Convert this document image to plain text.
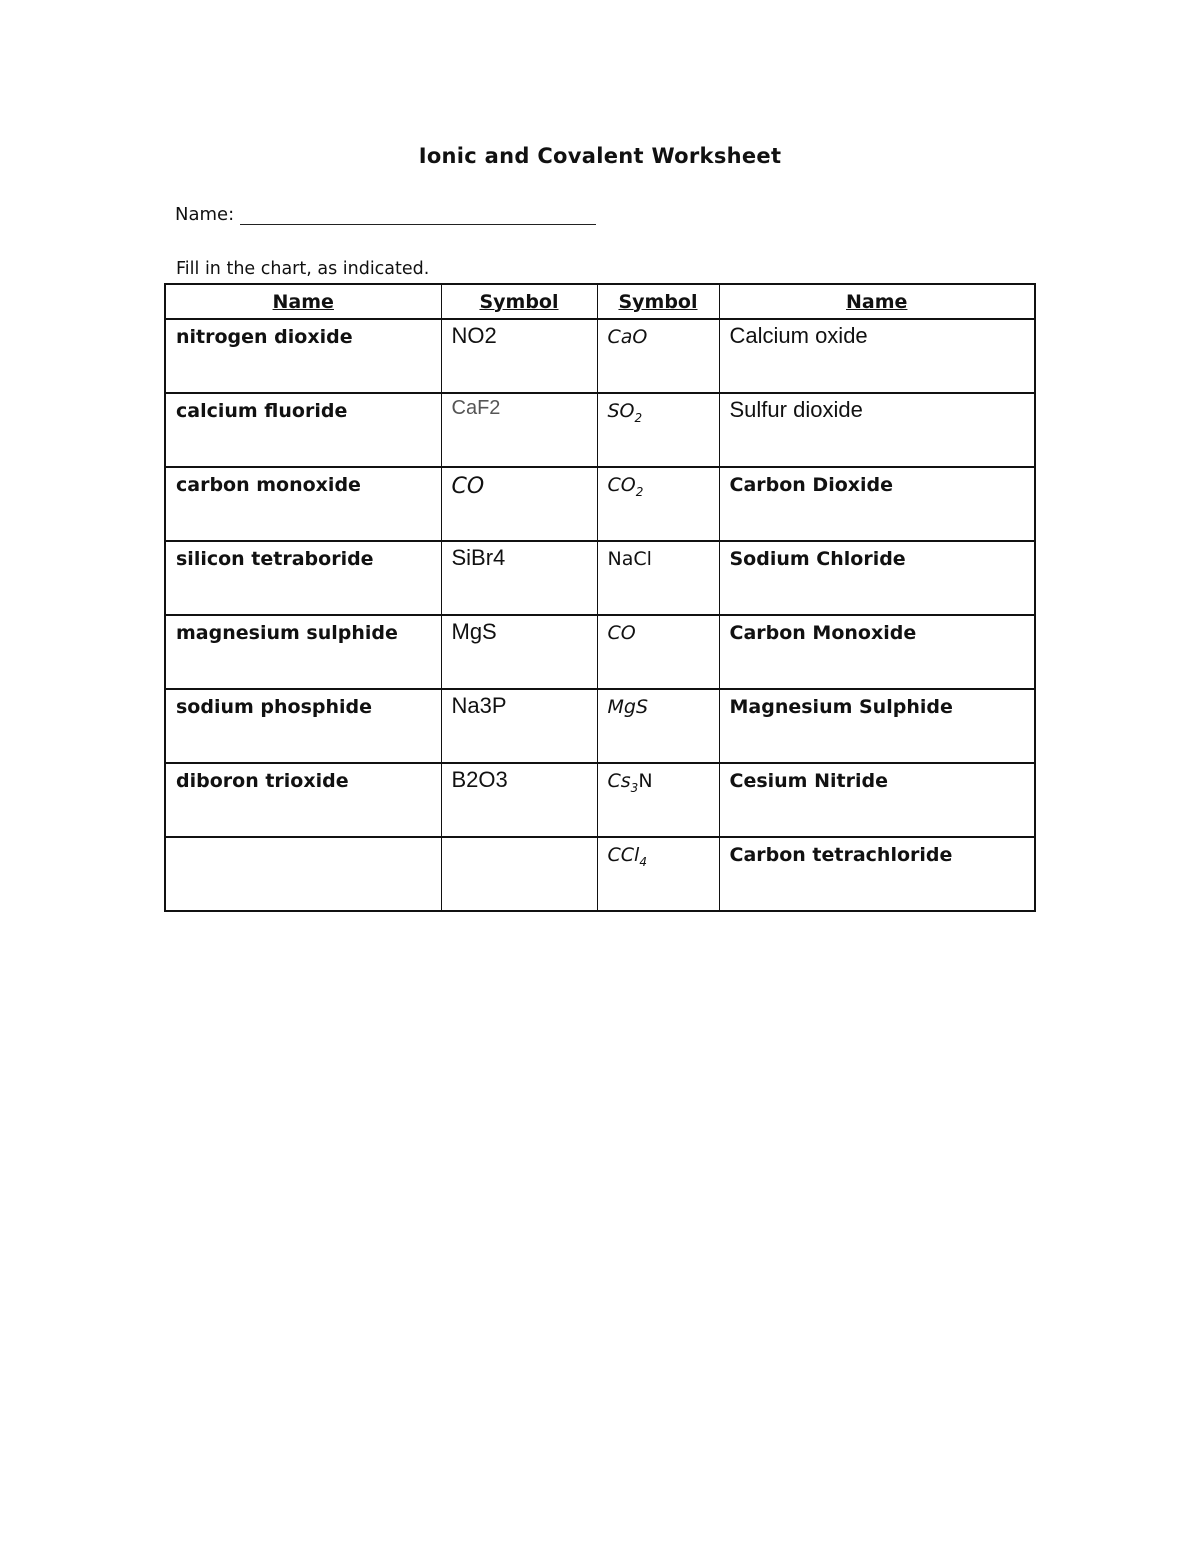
Ionic and Covalent Worksheet
Name:
Fill in the chart, as indicated.
Name	Symbol	Symbol	Name
nitrogen dioxide	NO2	CaO	Calcium oxide
calcium fluoride	CaF2	$SO_2$	Sulfur dioxide
carbon monoxide	CO	$CO_2$	Carbon Dioxide
silicon tetraboride	SiBr4	NaCl	Sodium Chloride
magnesium sulphide	MgS	CO	Carbon Monoxide
sodium phosphide	Na3P	MgS	Magnesium Sulphide
diboron trioxide	B2O3	$Cs_3N$	Cesium Nitride
		CCl$_4$	Carbon tetrachloride
